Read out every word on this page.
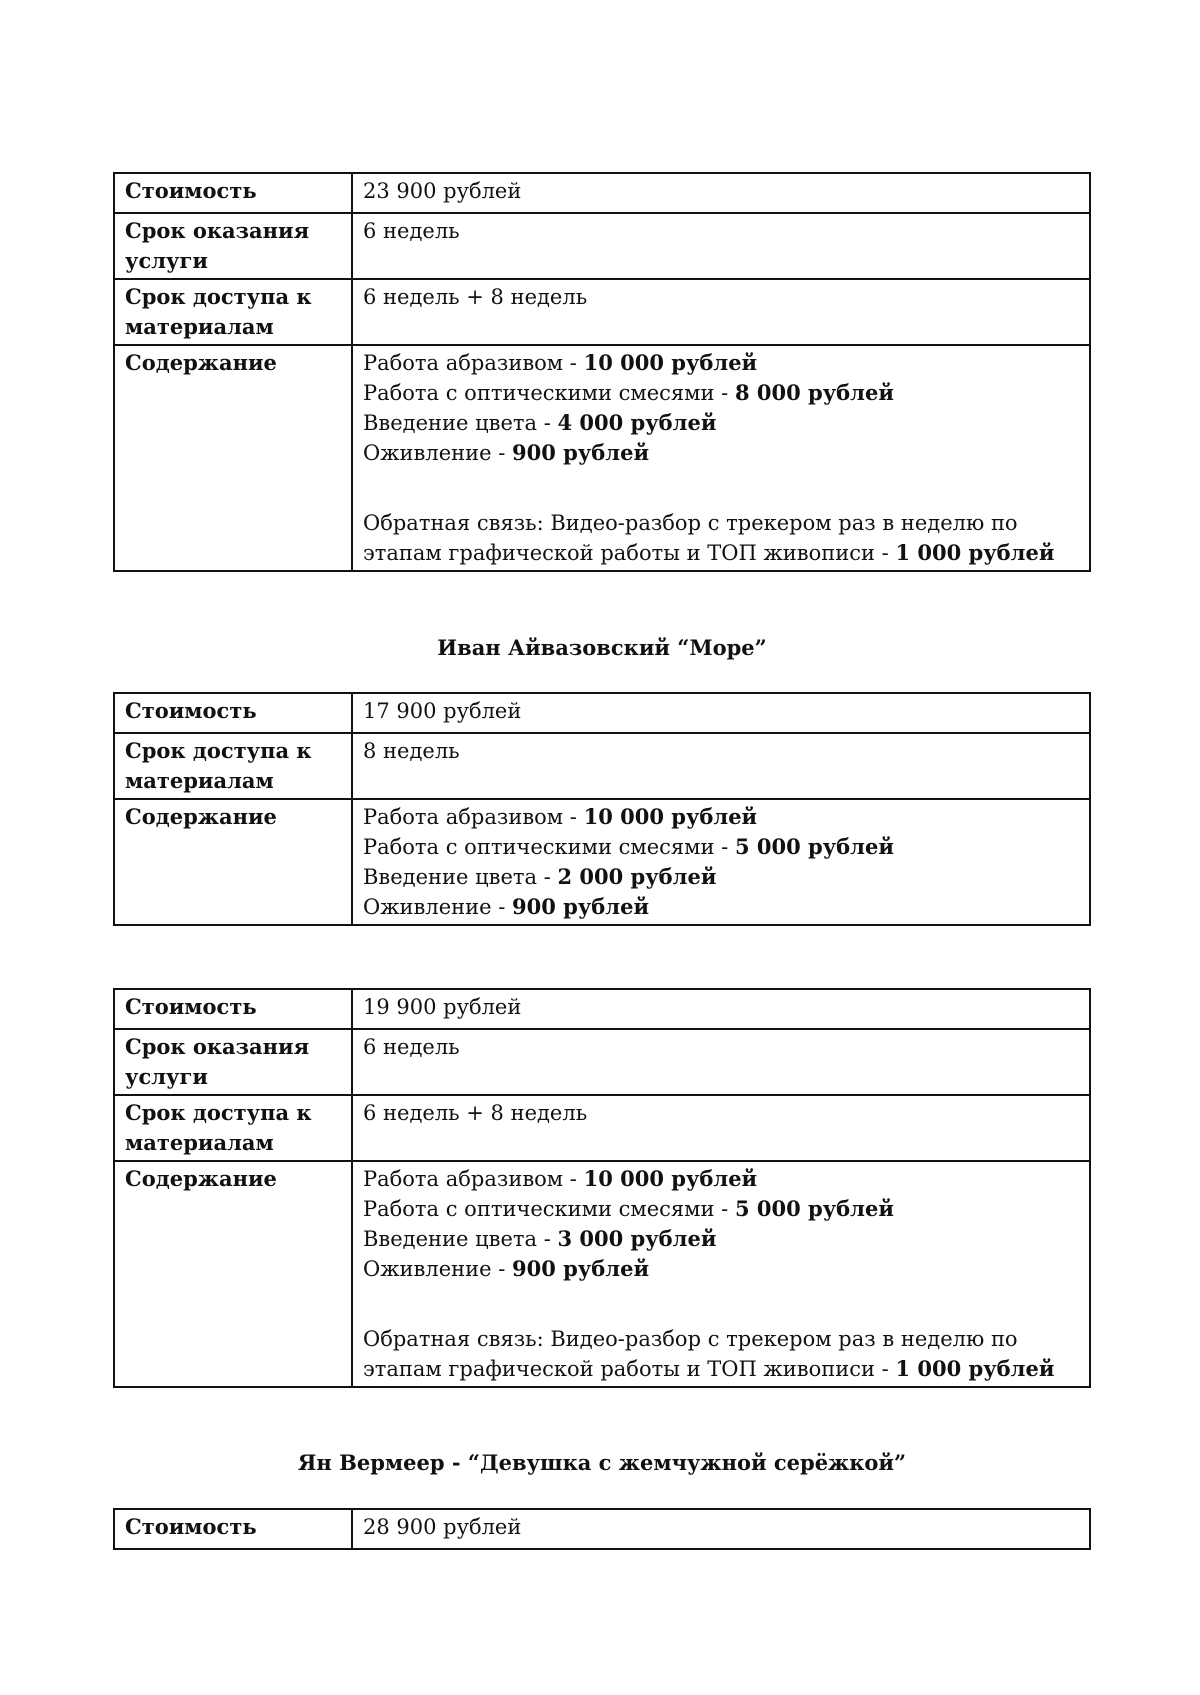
Стоимость	23 900 рублей
Срок оказания услуги	6 недель
Срок доступа к материалам	6 недель + 8 недель
Содержание	Работа абразивом - 10 000 рублей
Работа с оптическими смесями - 8 000 рублей
Введение цвета - 4 000 рублей
Оживление - 900 рублей
Обратная связь: Видео-разбор с трекером раз в неделю по этапам графической работы и ТОП живописи - 1 000 рублей
Иван Айвазовский “Море”
Стоимость	17 900 рублей
Срок доступа к материалам	8 недель
Содержание	Работа абразивом - 10 000 рублей
Работа с оптическими смесями - 5 000 рублей
Введение цвета - 2 000 рублей
Оживление - 900 рублей
Стоимость	19 900 рублей
Срок оказания услуги	6 недель
Срок доступа к материалам	6 недель + 8 недель
Содержание	Работа абразивом - 10 000 рублей
Работа с оптическими смесями - 5 000 рублей
Введение цвета - 3 000 рублей
Оживление - 900 рублей
Обратная связь: Видео-разбор с трекером раз в неделю по этапам графической работы и ТОП живописи - 1 000 рублей
Ян Вермеер - “Девушка с жемчужной серёжкой”
Стоимость	28 900 рублей
